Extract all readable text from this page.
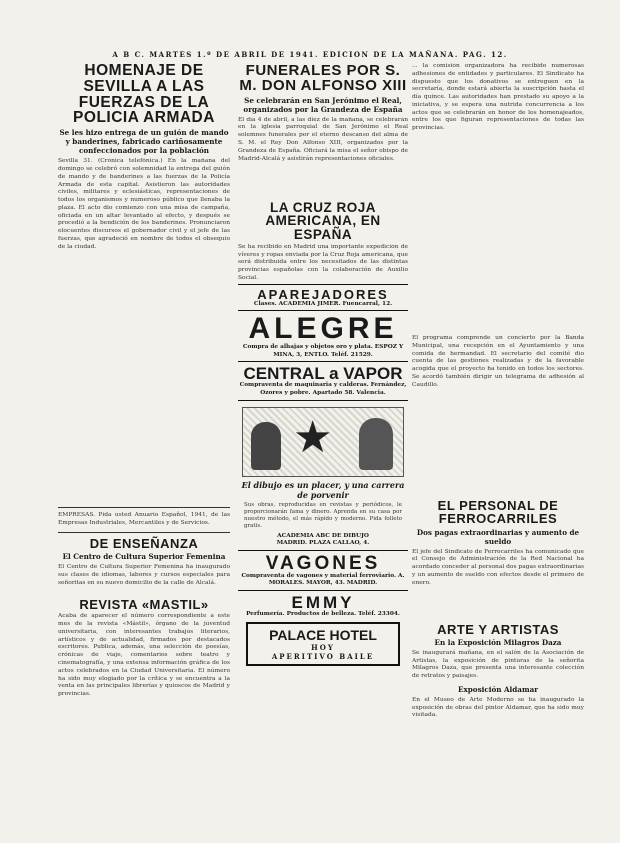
A B C. MARTES 1.º DE ABRIL DE 1941. EDICION DE LA MAÑANA. PAG. 12.
HOMENAJE DE SEVILLA A LAS FUERZAS DE LA POLICIA ARMADA
Se les hizo entrega de un guión de mando y banderines, fabricado cariñosamente confeccionados por la población

Sevilla 31. (Crónica telefónica.) En la mañana del domingo se celebró con solemnidad la entrega del guión de mando y de banderines a las fuerzas de la Policía Armada de esta capital. Asistieron las autoridades civiles, militares y eclesiásticas, representaciones de todos los organismos y numeroso público que llenaba la plaza. El acto dio comienzo con una misa de campaña, oficiada en un altar levantado al efecto, y después se procedió a la bendición de los banderines. Pronunciaron elocuentes discursos el gobernador civil y el jefe de las fuerzas, que agradeció en nombre de todos el obsequio de la ciudad.

EMPRESAS. Pida usted Anuario Español, 1941, de las Empresas Industriales, Mercantiles y de Servicios.

DE ENSEÑANZA
El Centro de Cultura Superior Femenina

El Centro de Cultura Superior Femenina ha inaugurado sus clases de idiomas, labores y cursos especiales para señoritas en su nuevo domicilio de la calle de Alcalá.

REVISTA «MASTIL»

Acaba de aparecer el número correspondiente a este mes de la revista «Mástil», órgano de la juventud universitaria, con interesantes trabajos literarios, artísticos y de actualidad, firmados por destacados escritores. Publica, además, una selección de poesías, crónicas de viaje, comentarios sobre teatro y cinematografía, y una extensa información gráfica de los actos celebrados en la Ciudad Universitaria. El número ha sido muy elogiado por la crítica y se encuentra a la venta en las principales librerías y quioscos de Madrid y provincias.

FUNERALES POR S. M. DON ALFONSO XIII
Se celebrarán en San Jerónimo el Real, organizados por la Grandeza de España

El día 4 de abril, a las diez de la mañana, se celebrarán en la iglesia parroquial de San Jerónimo el Real solemnes funerales por el eterno descanso del alma de S. M. el Rey Don Alfonso XIII, organizados por la Grandeza de España. Oficiará la misa el señor obispo de Madrid-Alcalá y asistirán representaciones oficiales.

LA CRUZ ROJA AMERICANA, EN ESPAÑA

Se ha recibido en Madrid una importante expedición de víveres y ropas enviada por la Cruz Roja americana, que será distribuida entre los necesitados de las distintas provincias españolas con la colaboración de Auxilio Social.

APAREJADORES
Clases. ACADEMIA JIMER. Fuencarral, 12.
ALEGRE
Compra de alhajas y objetos oro y plata. ESPOZ Y MINA, 3, ENTLO. Teléf. 21529.
CENTRAL a VAPOR
Compraventa de maquinaria y calderas. Fernández, Ozores y pobre. Apartado 58. Valencia.
★
El dibujo es un placer, y una carrera de porvenir

Sus obras, reproducidas en revistas y periódicos, le proporcionarán fama y dinero. Aprenda en su casa por nuestro método, el más rápido y moderno. Pida folleto gratis.

ACADEMIA ABC DE DIBUJO
MADRID. PLAZA CALLAO, 4.
VAGONES
Compraventa de vagones y material ferroviario. A. MORALES. MAYOR, 43. MADRID.
EMMY
Perfumería. Productos de belleza. Teléf. 23304.
PALACE HOTEL
HOY
APERITIVO BAILE

... la comisión organizadora ha recibido numerosas adhesiones de entidades y particulares. El Sindicato ha dispuesto que los donativos se entreguen en la secretaría, donde estará abierta la suscripción hasta el día quince. Las autoridades han prestado su apoyo a la iniciativa, y se espera una nutrida concurrencia a los actos que se celebrarán en honor de los homenajeados, entre los que figuran representaciones de todas las provincias.

El programa comprende un concierto por la Banda Municipal, una recepción en el Ayuntamiento y una comida de hermandad. El secretario del comité dio cuenta de las gestiones realizadas y de la favorable acogida que el proyecto ha tenido en todos los sectores. Se acordó también dirigir un telegrama de adhesión al Caudillo.

EL PERSONAL DE FERROCARRILES
Dos pagas extraordinarias y aumento de sueldo

El jefe del Sindicato de Ferrocarriles ha comunicado que el Consejo de Administración de la Red Nacional ha acordado conceder al personal dos pagas extraordinarias y un aumento de sueldo con efectos desde el primero de enero.

ARTE Y ARTISTAS
En la Exposición Milagros Daza

Se inaugurará mañana, en el salón de la Asociación de Artistas, la exposición de pinturas de la señorita Milagros Daza, que presenta una interesante colección de retratos y paisajes.

Exposición Aldamar

En el Museo de Arte Moderno se ha inaugurado la exposición de obras del pintor Aldamar, que ha sido muy visitada.
